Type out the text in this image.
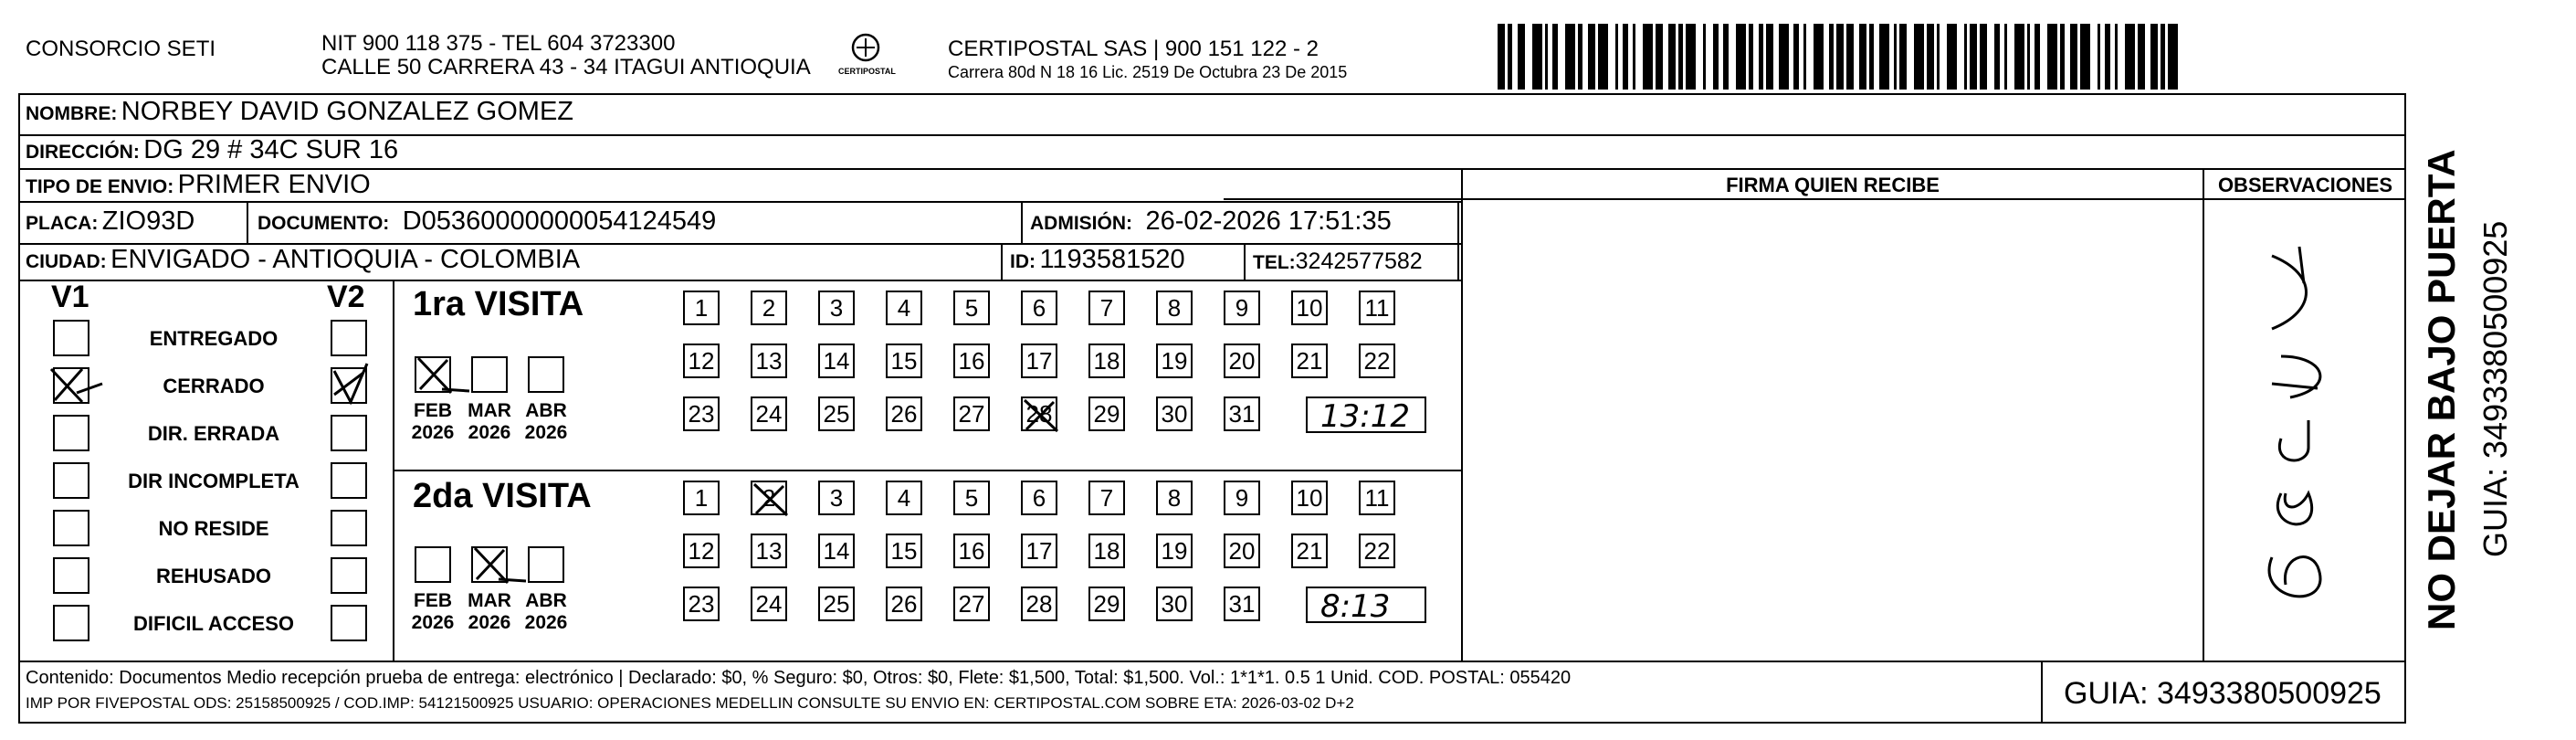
CONSORCIO SETI	NIT 900 118 375 - TEL 604 3723300
CALLE 50 CARRERA 43 - 34 ITAGUI ANTIOQUIA	CERTIPOSTAL
CERTIPOSTAL SAS | 900 151 122 - 2
Carrera 80d N 18 16 Lic. 2519 De Octubra 23 De 2015
NOMBRE: NORBEY DAVID GONZALEZ GOMEZ
DIRECCIÓN: DG 29 # 34C SUR 16
TIPO DE ENVIO: PRIMER ENVIO
PLACA: ZIO93D	DOCUMENTO: D05360000000054124549	ADMISIÓN: 26-02-2026 17:51:35
CIUDAD: ENVIGADO - ANTIOQUIA - COLOMBIA	ID: 1193581520	TEL:3242577582
FIRMA QUIEN RECIBE	OBSERVACIONES
V1	V2
ENTREGADO
CERRADO
DIR. ERRADA
DIR INCOMPLETA
NO RESIDE
REHUSADO
DIFICIL ACCESO
1ra VISITA
2da VISITA
FEB
2026
MAR
2026
ABR
2026
1	2	3	4	5	6	7	8	9	10 11
12 13 14 15 16 17 18 19 20 21 22
23 24 25 26 27 28 29 30 31 13:12
FEB
2026
MAR
2026
ABR
2026
1	2	3	4	5	6	7	8	9	10 11
12 13 14 15 16 17 18 19 20 21 22
23 24 25 26 27 28 29 30 31 8:13
Contenido: Documentos Medio recepción prueba de entrega: electrónico | Declarado: $0, % Seguro: $0, Otros: $0, Flete: $1,500, Total: $1,500. Vol.: 1*1*1. 0.5 1 Unid. COD. POSTAL: 055420
IMP POR FIVEPOSTAL ODS: 25158500925 / COD.IMP: 54121500925 USUARIO: OPERACIONES MEDELLIN CONSULTE SU ENVIO EN: CERTIPOSTAL.COM SOBRE ETA: 2026-03-02 D+2	GUIA: 3493380500925
NO DEJAR BAJO PUERTA GUIA: 3493380500925
